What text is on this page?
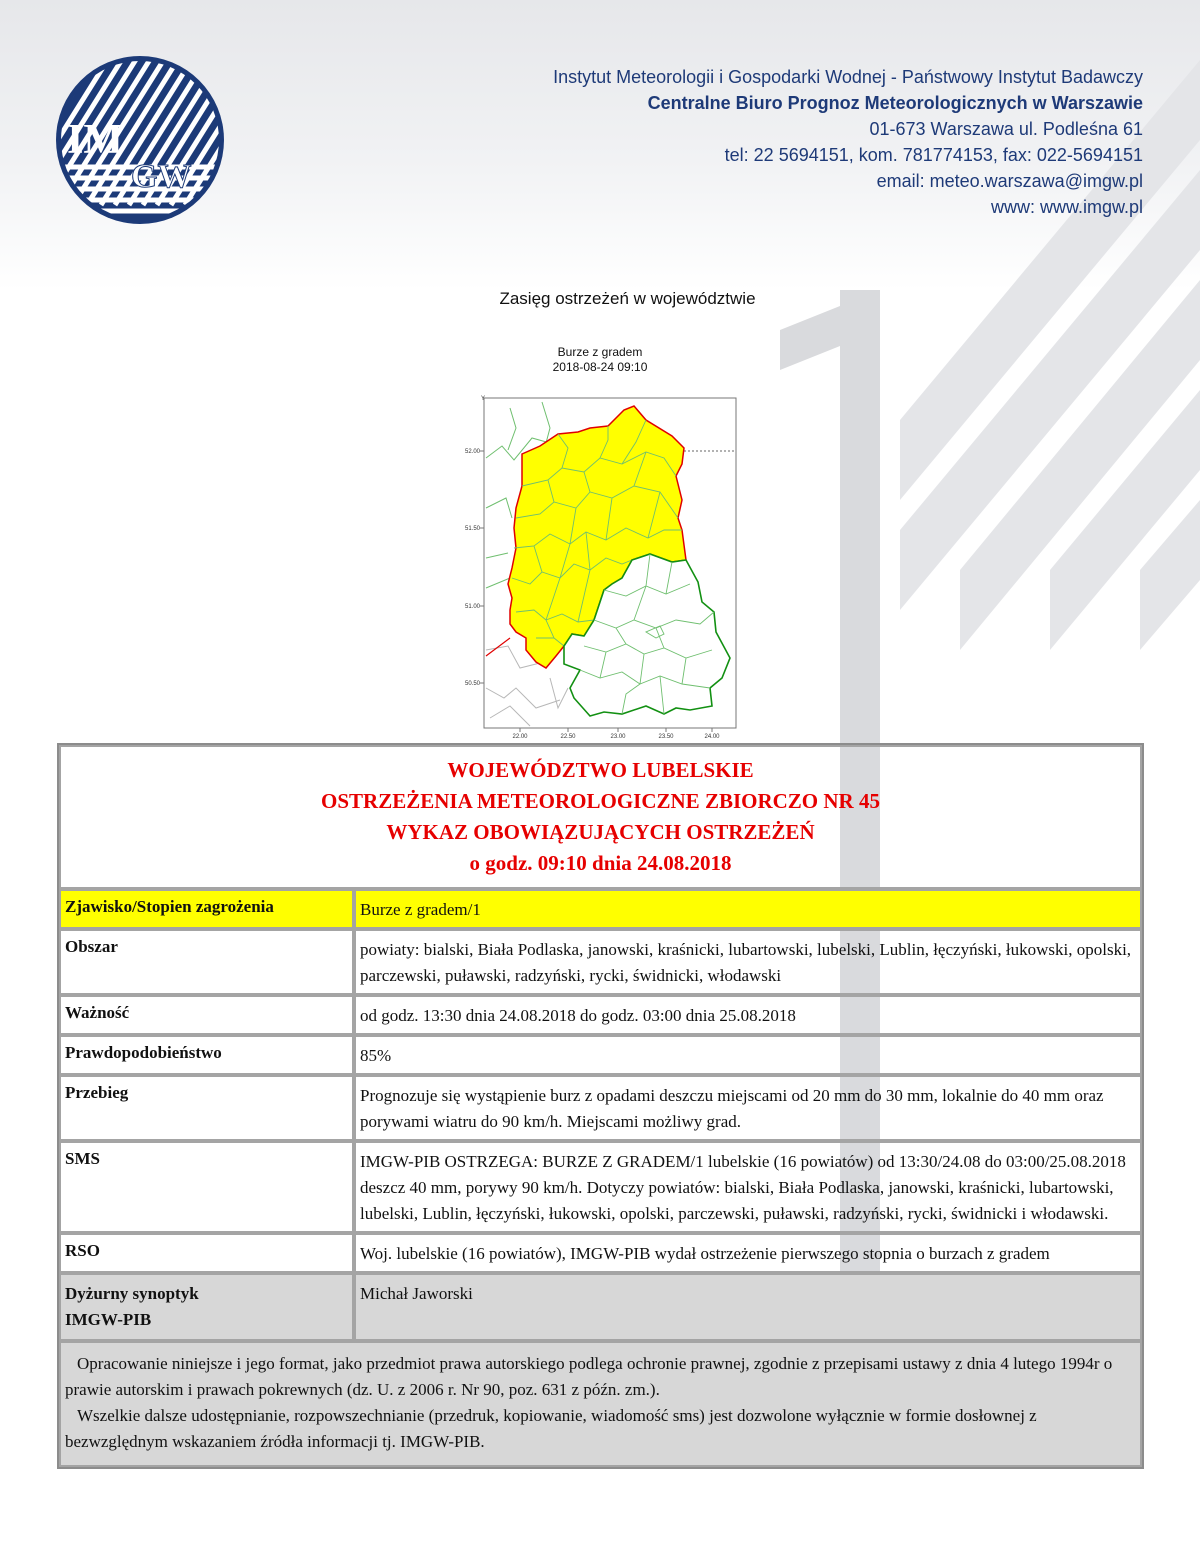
IM
GW
Instytut Meteorologii i Gospodarki Wodnej - Państwowy Instytut Badawczy
Centralne Biuro Prognoz Meteorologicznych w Warszawie
01-673 Warszawa ul. Podleśna 61
tel: 22 5694151, kom. 781774153, fax: 022-5694151
email: meteo.warszawa@imgw.pl
www: www.imgw.pl
Zasięg ostrzeżeń w województwie
Burze z gradem
2018-08-24 09:10
Y
52.00
51.50
51.00
50.50
22.00	22.50	23.00	23.50	24.00
WOJEWÓDZTWO LUBELSKIE
OSTRZEŻENIA METEOROLOGICZNE ZBIORCZO NR 45
WYKAZ OBOWIĄZUJĄCYCH OSTRZEŻEŃ
o godz. 09:10 dnia 24.08.2018	

Zjawisko/Stopien zagrożenia	Burze z gradem/1
Obszar	powiaty: bialski, Biała Podlaska, janowski, kraśnicki, lubartowski, lubelski, Lublin, łęczyński, łukowski, opolski, parczewski, puławski, radzyński, rycki, świdnicki, włodawski
Ważność	od godz. 13:30 dnia 24.08.2018 do godz. 03:00 dnia 25.08.2018
Prawdopodobieństwo	85%
Przebieg	Prognozuje się wystąpienie burz z opadami deszczu miejscami od 20 mm do 30 mm, lokalnie do 40 mm oraz porywami wiatru do 90 km/h. Miejscami możliwy grad.
SMS	IMGW-PIB OSTRZEGA: BURZE Z GRADEM/1 lubelskie (16 powiatów) od 13:30/24.08 do 03:00/25.08.2018 deszcz 40 mm, porywy 90 km/h. Dotyczy powiatów: bialski, Biała Podlaska, janowski, kraśnicki, lubartowski, lubelski, Lublin, łęczyński, łukowski, opolski, parczewski, puławski, radzyński, rycki, świdnicki i włodawski.
RSO	Woj. lubelskie (16 powiatów), IMGW-PIB wydał ostrzeżenie pierwszego stopnia o burzach z gradem

Dyżurny synoptyk
IMGW-PIB	Michał Jaworski

Opracowanie niniejsze i jego format, jako przedmiot prawa autorskiego podlega ochronie prawnej, zgodnie z przepisami ustawy z dnia 4 lutego 1994r o prawie autorskim i prawach pokrewnych (dz. U. z 2006 r. Nr 90, poz. 631 z późn. zm.).

Wszelkie dalsze udostępnianie, rozpowszechnianie (przedruk, kopiowanie, wiadomość sms) jest dozwolone wyłącznie w formie dosłownej z bezwzględnym wskazaniem źródła informacji tj. IMGW-PIB.	
